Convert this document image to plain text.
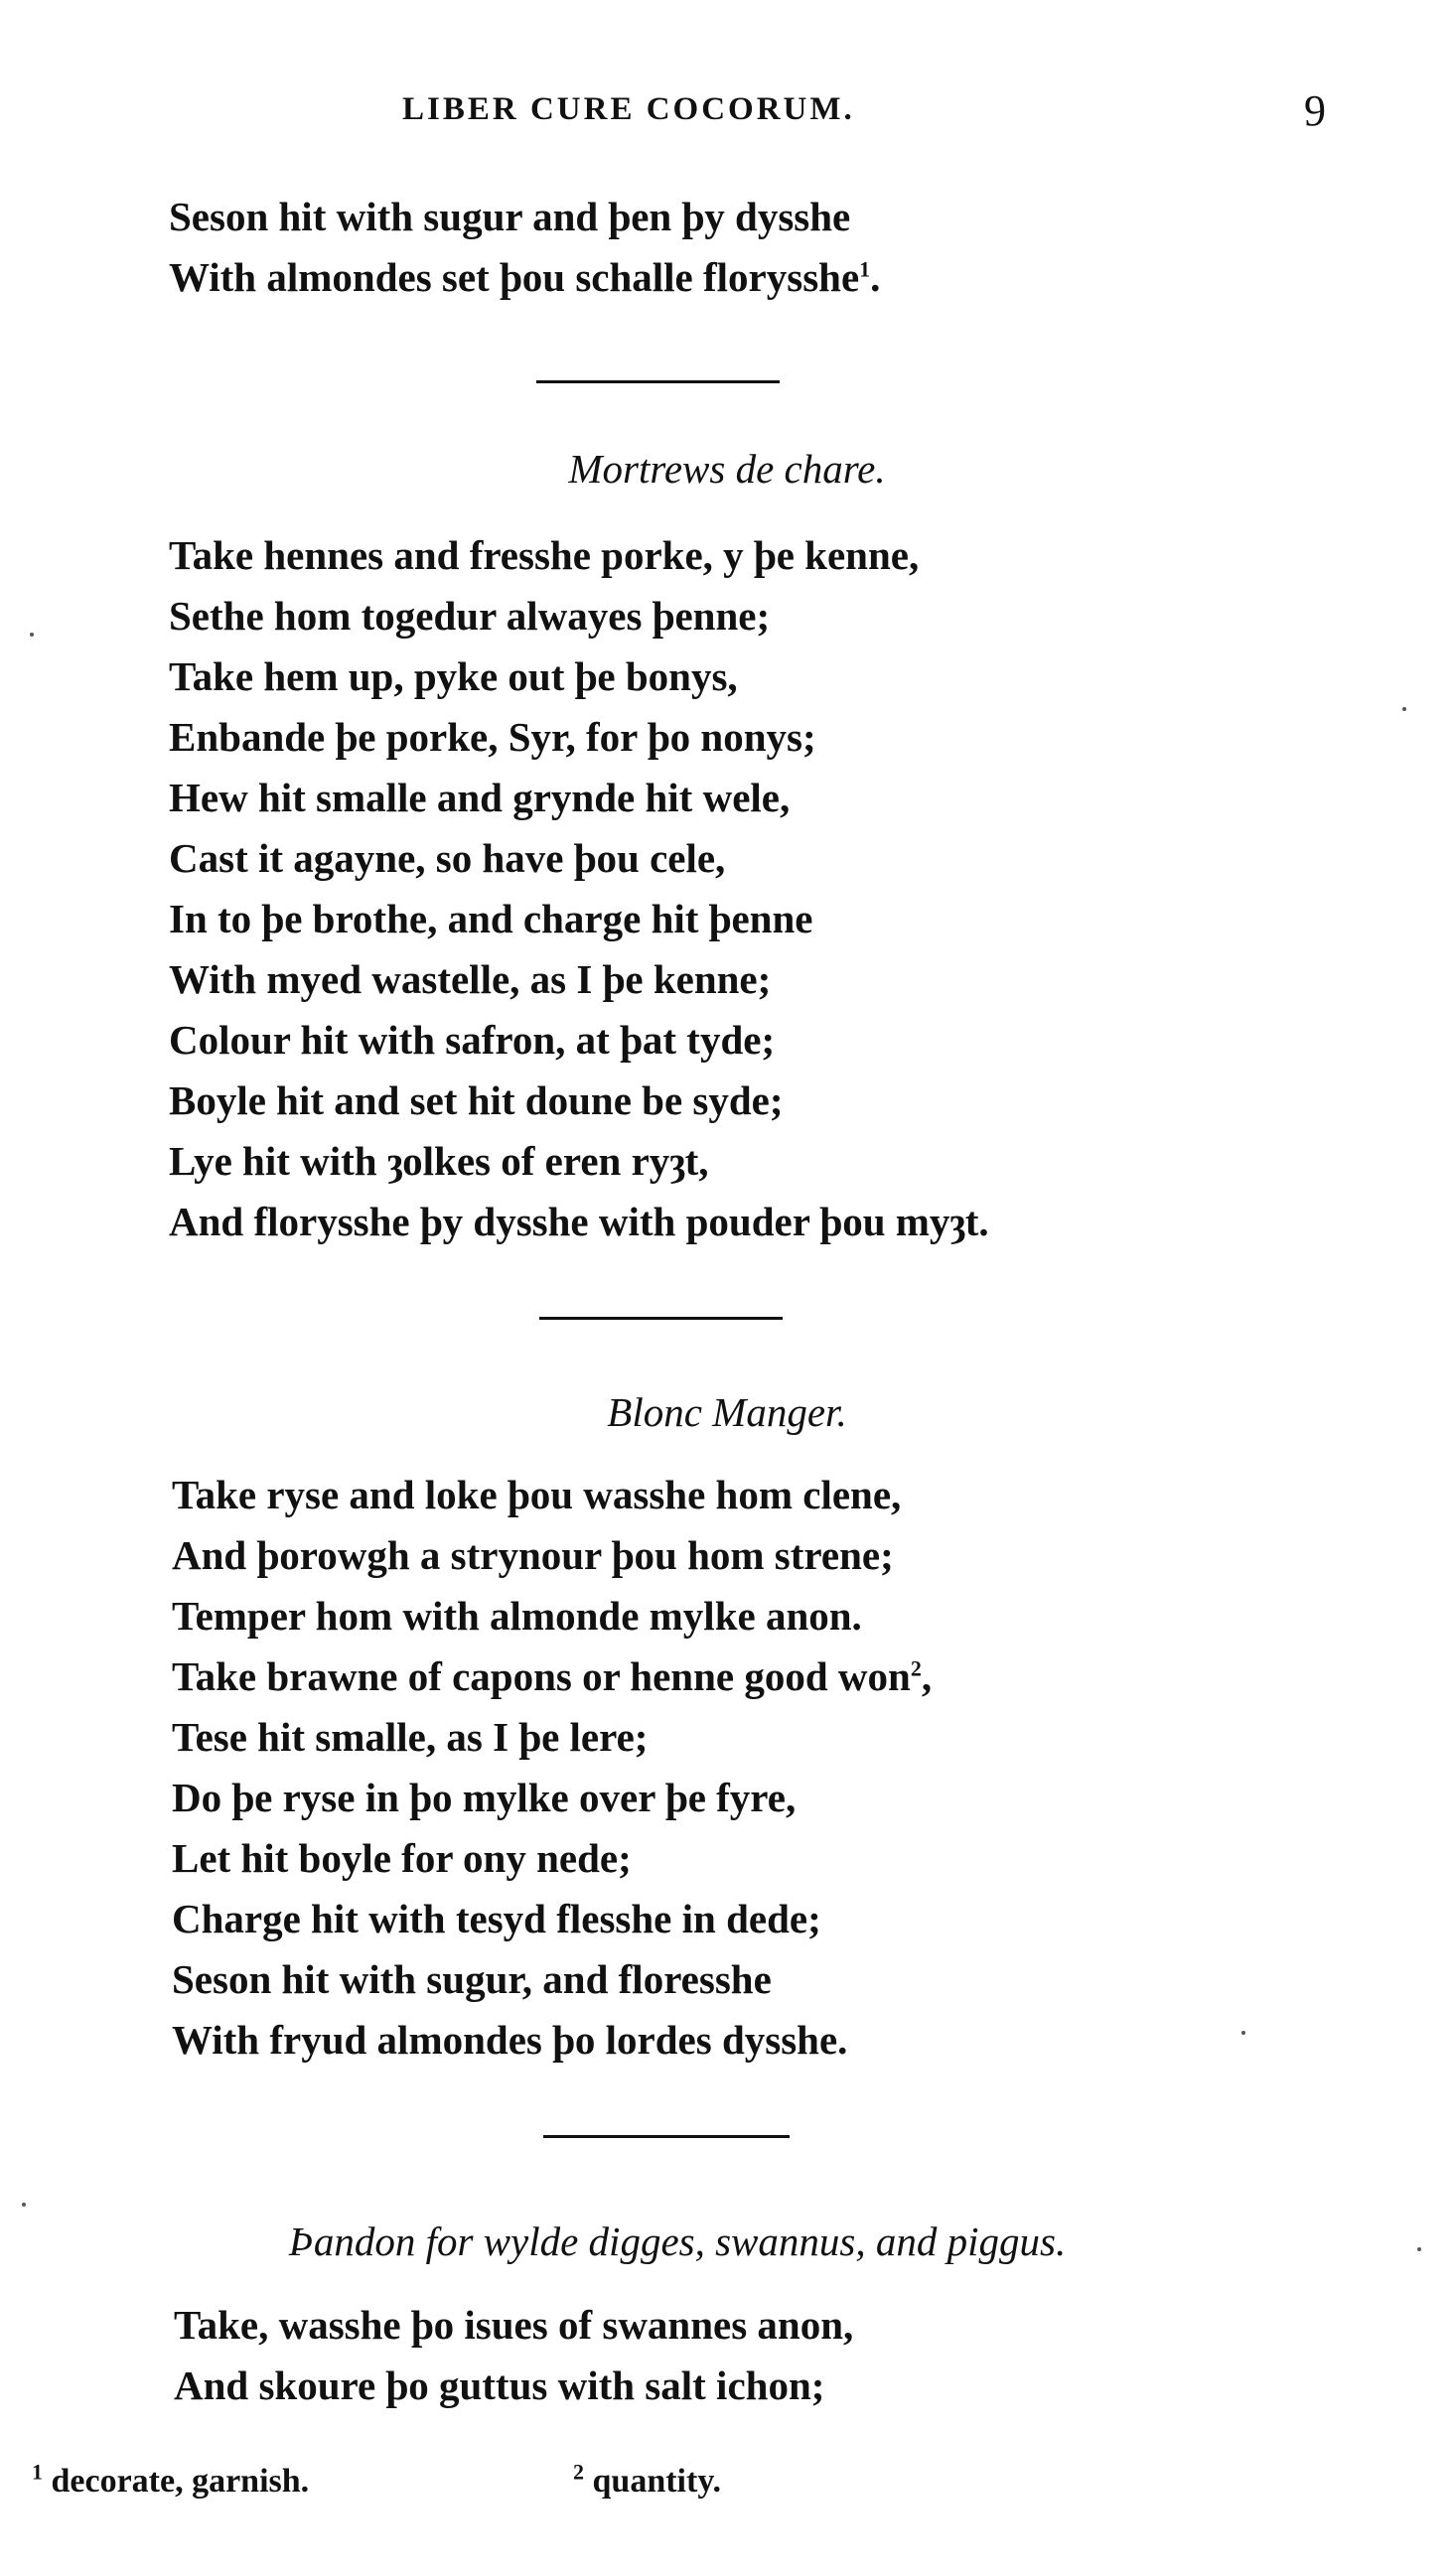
LIBER CURE COCORUM.	9
Seson hit with sugur and þen þy dysshe
With almondes set þou schalle florysshe$^1$.
Mortrews de chare.
Take hennes and fresshe porke, y þe kenne,
Sethe hom togedur alwayes þenne;
Take hem up, pyke out þe bonys,
Enbande þe porke, Syr, for þo nonys;
Hew hit smalle and grynde hit wele,
Cast it agayne, so have þou cele,
In to þe brothe, and charge hit þenne
With myed wastelle, as I þe kenne;
Colour hit with safron, at þat tyde;
Boyle hit and set hit doune be syde;
Lye hit with ȝolkes of eren ryȝt,
And florysshe þy dysshe with pouder þou myȝt.
Blonc Manger.
Take ryse and loke þou wasshe hom clene,
And þorowgh a strynour þou hom strene;
Temper hom with almonde mylke anon.
Take brawne of capons or henne good won$^2$,
Tese hit smalle, as I þe lere;
Do þe ryse in þo mylke over þe fyre,
Let hit boyle for ony nede;
Charge hit with tesyd flesshe in dede;
Seson hit with sugur, and floresshe
With fryud almondes þo lordes dysshe.
Þandon for wylde digges, swannus, and piggus.
Take, wasshe þo isues of swannes anon,
And skoure þo guttus with salt ichon;
$^1$ decorate, garnish.	$^2$ quantity.
